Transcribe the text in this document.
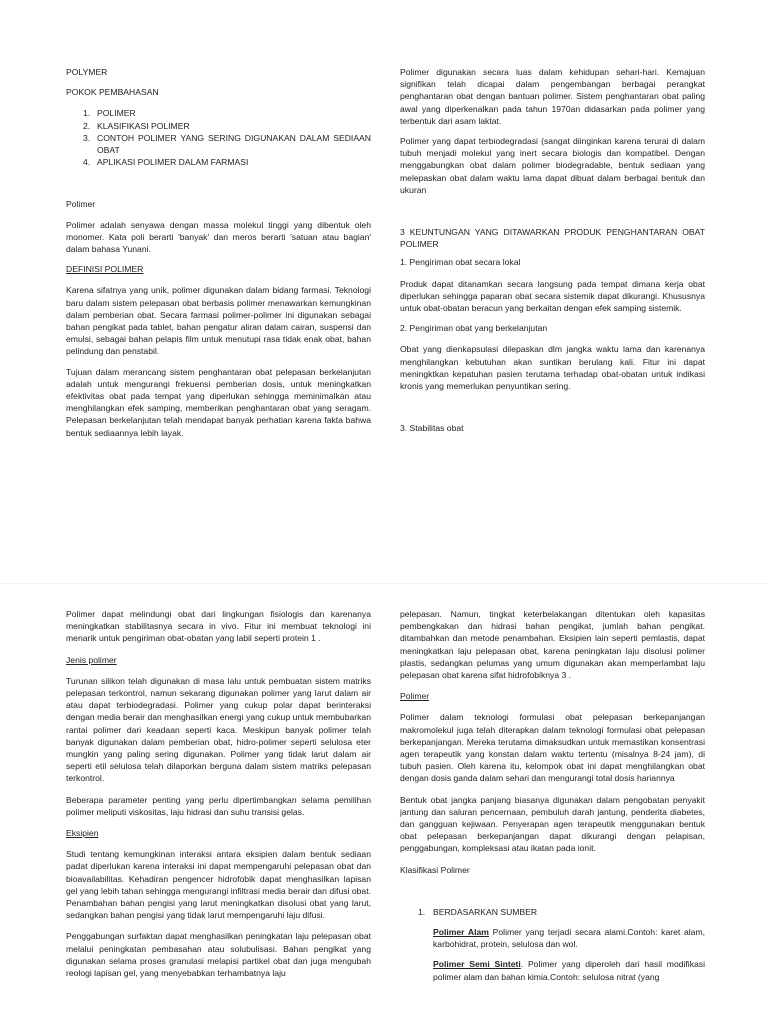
POLYMER

POKOK PEMBAHASAN

1. POLIMER
2. KLASIFIKASI POLIMER
3. CONTOH POLIMER YANG SERING DIGUNAKAN DALAM SEDIAAN OBAT
4. APLIKASI POLIMER DALAM FARMASI

Polimer

Polimer adalah senyawa dengan massa molekul tinggi yang dibentuk oleh monomer. Kata poli berarti 'banyak' dan meros berarti 'satuan atau bagian' dalam bahasa Yunani.

DEFINISI POLIMER

Karena sifatnya yang unik, polimer digunakan dalam bidang farmasi. Teknologi baru dalam sistem pelepasan obat berbasis polimer menawarkan kemungkinan dalam pemberian obat. Secara farmasi polimer-polimer ini digunakan sebagai bahan pengikat pada tablet, bahan pengatur aliran dalam cairan, suspensi dan emulsi, sebagai bahan pelapis film untuk menutupi rasa tidak enak obat, bahan pelindung dan penstabil.

Tujuan dalam merancang sistem penghantaran obat pelepasan berkelanjutan adalah untuk mengurangi frekuensi pemberian dosis, untuk meningkatkan efektivitas obat pada tempat yang diperlukan sehingga meminimalkan atau menghilangkan efek samping, memberikan penghantaran obat yang seragam. Pelepasan berkelanjutan telah mendapat banyak perhatian karena fakta bahwa bentuk sediaannya lebih layak.

Polimer digunakan secara luas dalam kehidupan sehari-hari. Kemajuan signifikan telah dicapai dalam pengembangan berbagai perangkat penghantaran obat dengan bantuan polimer. Sistem penghantaran obat paling awal yang diperkenalkan pada tahun 1970an didasarkan pada polimer yang terbentuk dari asam laktat.

Polimer yang dapat terbiodegradasi (sangat diinginkan karena terurai di dalam tubuh menjadi molekul yang inert secara biologis dan kompatibel. Dengan menggabungkan obat dalam polimer biodegradable, bentuk sediaan yang melepaskan obat dalam waktu lama dapat dibuat dalam berbagai bentuk dan ukuran

3 KEUNTUNGAN YANG DITAWARKAN PRODUK PENGHANTARAN OBAT POLIMER

1. Pengiriman obat secara lokal

Produk dapat ditanamkan secara langsung pada tempat dimana kerja obat diperlukan sehingga paparan obat secara sistemik dapat dikurangi. Khususnya untuk obat-obatan beracun yang berkaitan dengan efek samping sistemik.

2. Pengiriman obat yang berkelanjutan

Obat yang dienkapsulasi dilepaskan dlm jangka waktu lama dan karenanya menghilangkan kebutuhan akan suntikan berulang kali. Fitur ini dapat meningktkan kepatuhan pasien terutama terhadap obat-obatan untuk indikasi kronis yang memerlukan penyuntikan sering.

3. Stabilitas obat

Polimer dapat melindungi obat dari lingkungan fisiologis dan karenanya meningkatkan stabilitasnya secara in vivo. Fitur ini membuat teknologi ini menarik untuk pengiriman obat-obatan yang labil seperti protein 1 .

Jenis polimer

Turunan silikon telah digunakan di masa lalu untuk pembuatan sistem matriks pelepasan terkontrol, namun sekarang digunakan polimer yang larut dalam air atau dapat terbiodegradasi. Polimer yang cukup polar dapat berinteraksi dengan media berair dan menghasilkan energi yang cukup untuk membubarkan rantai polimer dari keadaan seperti kaca. Meskipun banyak polimer telah banyak digunakan dalam pemberian obat, hidro-polimer seperti selulosa eter mungkin yang paling sering digunakan. Polimer yang tidak larut dalam air seperti etil selulosa telah dilaporkan berguna dalam sistem matriks pelepasan terkontrol.

Beberapa parameter penting yang perlu dipertimbangkan selama pemilihan polimer meliputi viskositas, laju hidrasi dan suhu transisi gelas.

Eksipien

Studi tentang kemungkinan interaksi antara eksipien dalam bentuk sediaan padat diperlukan karena interaksi ini dapat mempengaruhi pelepasan obat dan bioavailabilitas. Kehadiran pengencer hidrofobik dapat menghasilkan lapisan gel yang lebih tahan sehingga mengurangi infiltrasi media berair dan difusi obat. Penambahan bahan pengisi yang larut meningkatkan disolusi obat yang larut, sedangkan bahan pengisi yang tidak larut mempengaruhi laju difusi.

Penggabungan surfaktan dapat menghasilkan peningkatan laju pelepasan obat melalui peningkatan pembasahan atau solubulisasi. Bahan pengikat yang digunakan selama proses granulasi melapisi partikel obat dan juga mengubah reologi lapisan gel, yang menyebabkan terhambatnya laju

pelepasan. Namun, tingkat keterbelakangan ditentukan oleh kapasitas pembengkakan dan hidrasi bahan pengikat, jumlah bahan pengikat. ditambahkan dan metode penambahan. Eksipien lain seperti pemlastis, dapat meningkatkan laju pelepasan obat, karena peningkatan laju disolusi polimer plastis, sedangkan pelumas yang umum digunakan akan memperlambat laju pelepasan obat karena sifat hidrofobiknya 3 .

Polimer

Polimer dalam teknologi formulasi obat pelepasan berkepanjangan makromolekul juga telah diterapkan dalam teknologi formulasi obat pelepasan berkepanjangan. Mereka terutama dimaksudkan untuk memastikan konsentrasi agen terapeutik yang konstan dalam waktu tertentu (misalnya 8-24 jam), di tubuh pasien. Oleh karena itu, kelompok obat ini dapat menghilangkan obat dengan dosis ganda dalam sehari dan mengurangi total dosis hariannya

Bentuk obat jangka panjang biasanya digunakan dalam pengobatan penyakit jantung dan saluran pencernaan, pembuluh darah jantung, penderita diabetes, dan gangguan kejiwaan. Penyerapan agen terapeutik menggunakan bentuk obat pelepasan berkepanjangan dapat dikurangi dengan pelapisan, penggabungan, kompleksasi atau ikatan pada ionit.

Klasifikasi Polimer

1. BERDASARKAN SUMBER

Polimer Alam Polimer yang terjadi secara alami.Contoh: karet alam, karbohidrat, protein, selulosa dan wol.

Polimer Semi Sinteti. Polimer yang diperoleh dari hasil modifikasi polimer alam dan bahan kimia.Contoh: selulosa nitrat (yang
